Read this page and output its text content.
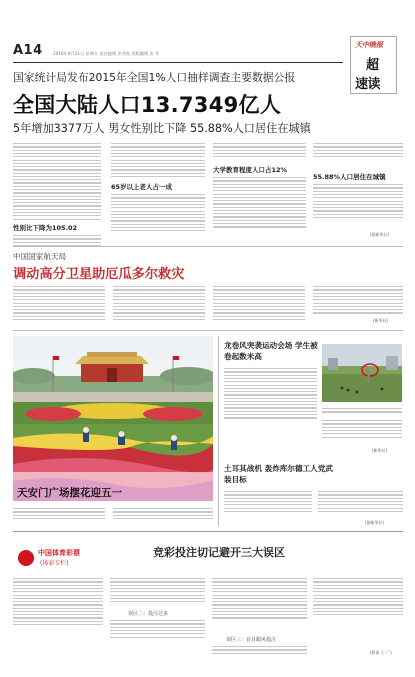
A14 2016年4月21日 星期五 责任编辑 张秀锐 图版编辑 张 华
天中晚报
超
速读
国家统计局发布2015年全国1%人口抽样调查主要数据公报
全国大陆人口13.7349亿人
5年增加3377万人 男女性别比下降 55.88%人口居住在城镇
性别比下降为105.02
65岁以上老人占一成
大学教育程度人口占12%
55.88%人口居住在城镇
(据新华社)
中国国家航天局
调动高分卫星助厄瓜多尔救灾
(新华社)
天安门广场摆花迎五一
龙卷风突袭运动会场 学生被卷起数米高
(新华社)
土耳其战机 轰炸库尔德工人党武装目标
(据新华社)
中国体育彩票
(体彩专栏)
竞彩投注切记避开三大误区
误区二：投注过多
误区三：盲目跟风投注
(彩体 于 广)
